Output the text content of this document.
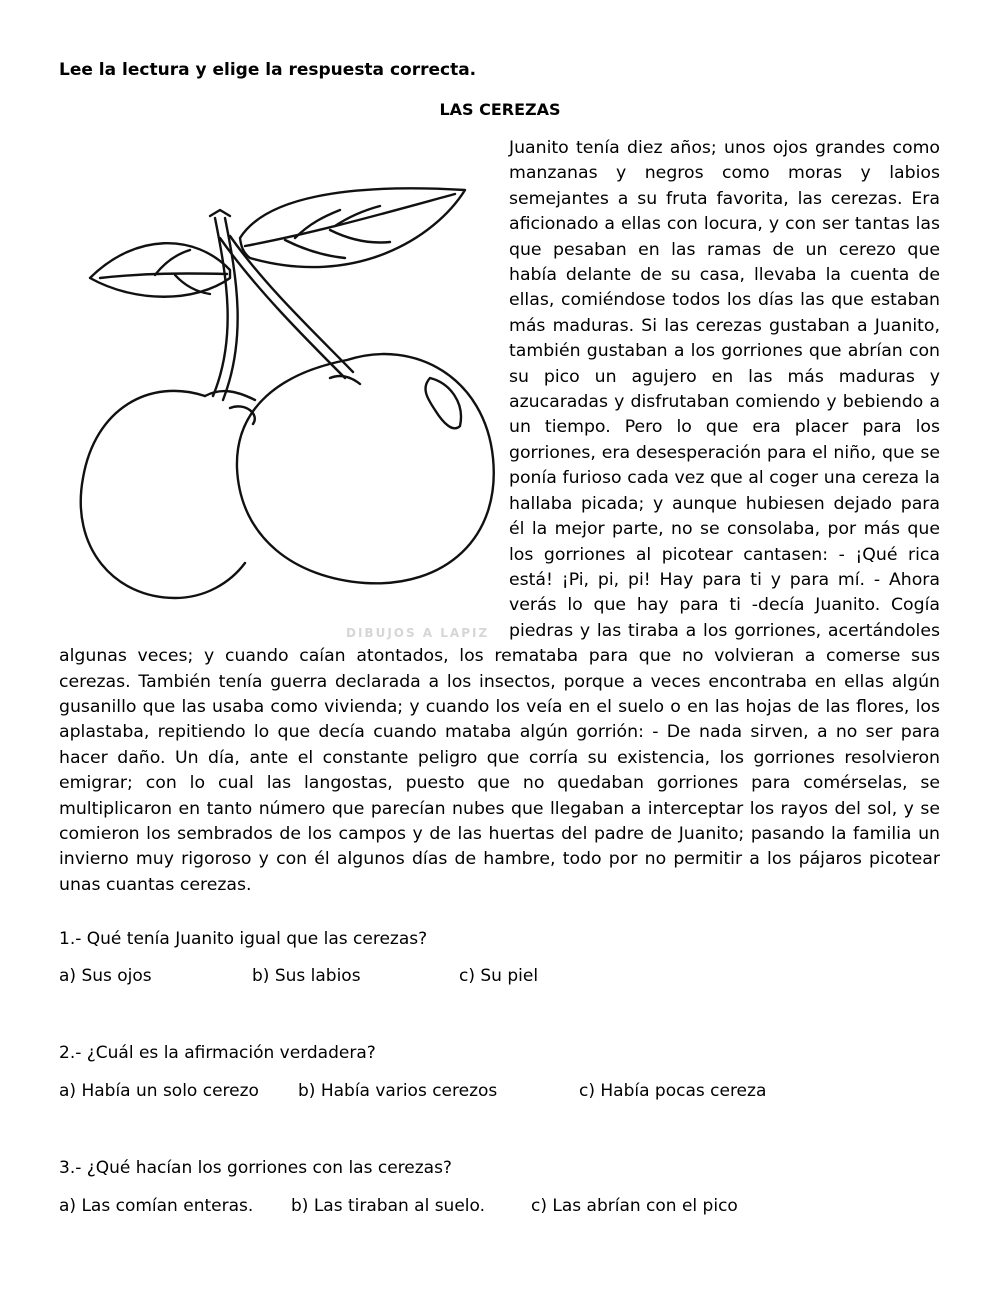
Lee la lectura y elige la respuesta correcta.
LAS CEREZAS
DIBUJOS A LAPIZ

Juanito tenía diez años; unos ojos grandes como manzanas y negros como moras y labios semejantes a su fruta favorita, las cerezas. Era aficionado a ellas con locura, y con ser tantas las que pesaban en las ramas de un cerezo que había delante de su casa, llevaba la cuenta de ellas, comiéndose todos los días las que estaban más maduras. Si las cerezas gustaban a Juanito, también gustaban a los gorriones que abrían con su pico un agujero en las más maduras y azucaradas y disfrutaban comiendo y bebiendo a un tiempo. Pero lo que era placer para los gorriones, era desesperación para el niño, que se ponía furioso cada vez que al coger una cereza la hallaba picada; y aunque hubiesen dejado para él la mejor parte, no se consolaba, por más que los gorriones al picotear cantasen: - ¡Qué rica está! ¡Pi, pi, pi! Hay para ti y para mí. - Ahora verás lo que hay para ti -decía Juanito. Cogía piedras y las tiraba a los gorriones, acertándoles algunas veces; y cuando caían atontados, los remataba para que no volvieran a comerse sus cerezas. También tenía guerra declarada a los insectos, porque a veces encontraba en ellas algún gusanillo que las usaba como vivienda; y cuando los veía en el suelo o en las hojas de las flores, los aplastaba, repitiendo lo que decía cuando mataba algún gorrión: - De nada sirven, a no ser para hacer daño. Un día, ante el constante peligro que corría su existencia, los gorriones resolvieron emigrar; con lo cual las langostas, puesto que no quedaban gorriones para comérselas, se multiplicaron en tanto número que parecían nubes que llegaban a interceptar los rayos del sol, y se comieron los sembrados de los campos y de las huertas del padre de Juanito; pasando la familia un invierno muy rigoroso y con él algunos días de hambre, todo por no permitir a los pájaros picotear unas cuantas cerezas.

1.- Qué tenía Juanito igual que las cerezas?
a) Sus ojos	b) Sus labios	c) Su piel
2.- ¿Cuál es la afirmación verdadera?
a) Había un solo cerezo b) Había varios cerezos	c) Había pocas cereza
3.- ¿Qué hacían los gorriones con las cerezas?
a) Las comían enteras. b) Las tiraban al suelo.	c) Las abrían con el pico
